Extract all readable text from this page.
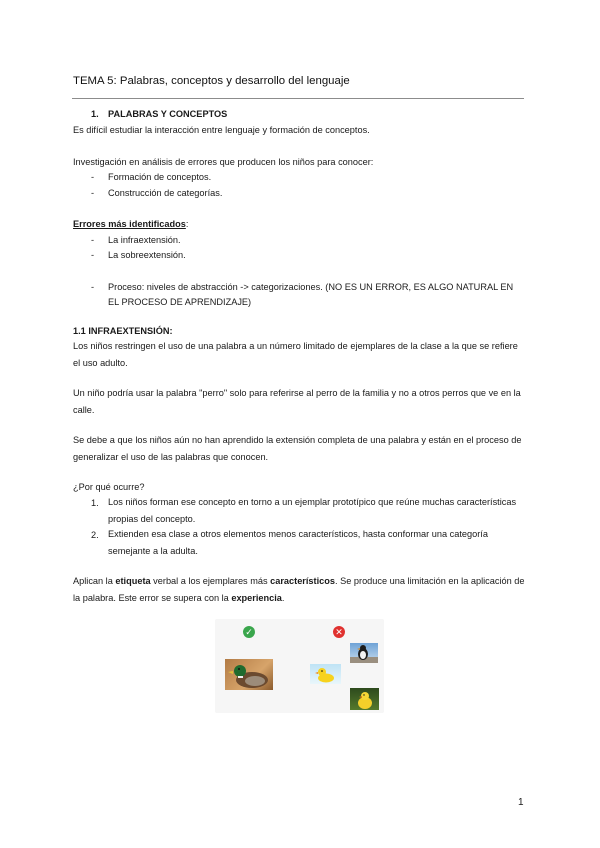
TEMA 5: Palabras, conceptos y desarrollo del lenguaje
1. PALABRAS Y CONCEPTOS
Es difícil estudiar la interacción entre lenguaje y formación de conceptos.
Investigación en análisis de errores que producen los niños para conocer:
- Formación de conceptos.
- Construcción de categorías.
Errores más identificados:
- La infraextensión.
- La sobreextensión.
- Proceso: niveles de abstracción -> categorizaciones. (NO ES UN ERROR, ES ALGO NATURAL EN
EL PROCESO DE APRENDIZAJE)
1.1 INFRAEXTENSIÓN:
Los niños restringen el uso de una palabra a un número limitado de ejemplares de la clase a la que se refiere el uso adulto.
Un niño podría usar la palabra "perro" solo para referirse al perro de la familia y no a otros perros que ve en la calle.
Se debe a que los niños aún no han aprendido la extensión completa de una palabra y están en el proceso de generalizar el uso de las palabras que conocen.
¿Por qué ocurre?
1. Los niños forman ese concepto en torno a un ejemplar prototípico que reúne muchas características propias del concepto.
2. Extienden esa clase a otros elementos menos característicos, hasta conformar una categoría semejante a la adulta.
Aplican la etiqueta verbal a los ejemplares más característicos. Se produce una limitación en la aplicación de la palabra. Este error se supera con la experiencia.
✓	✕
1
